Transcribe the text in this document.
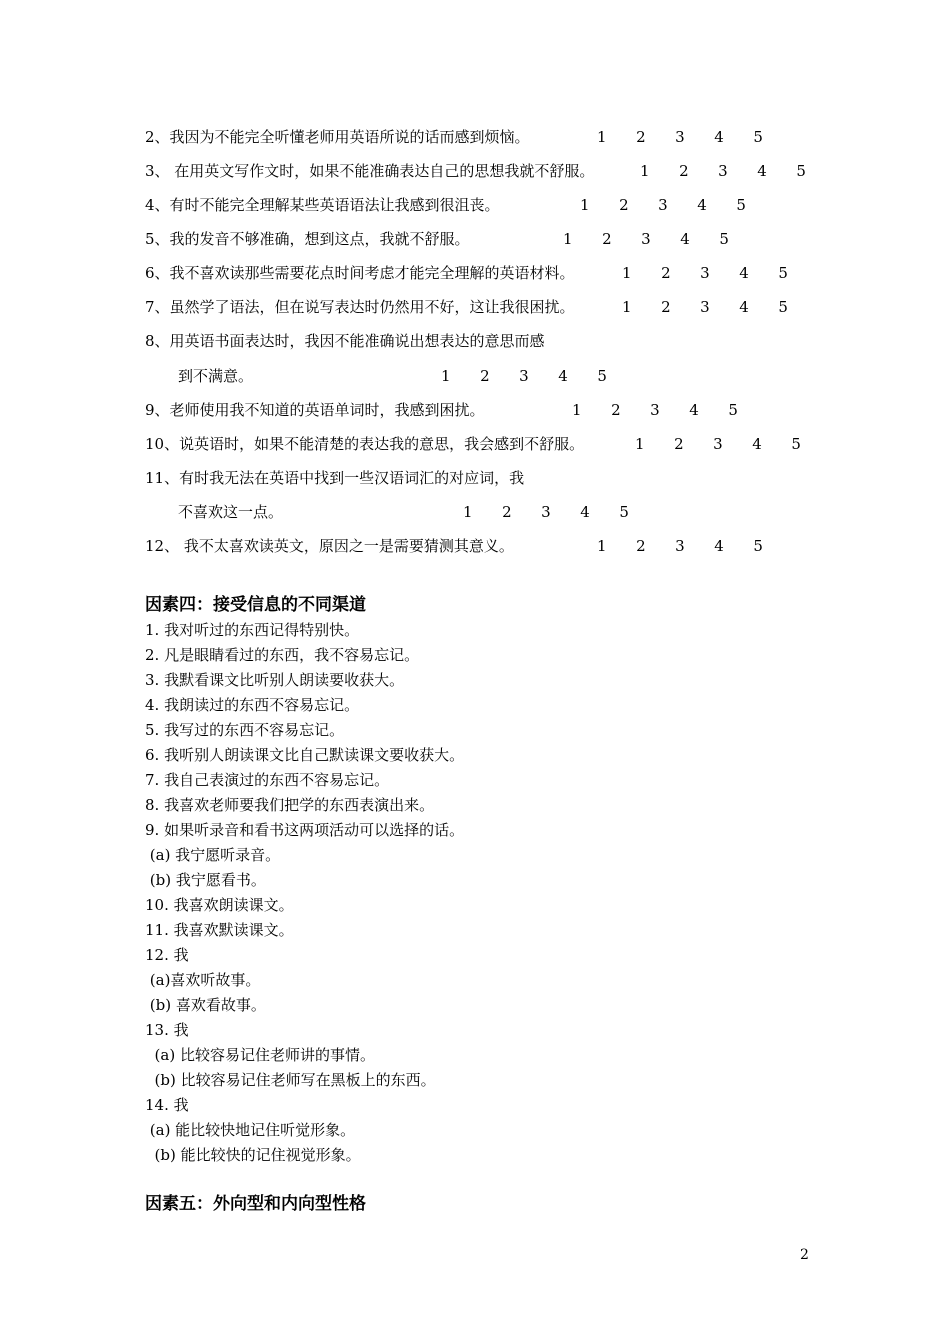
2、我因为不能完全听懂老师用英语所说的话而感到烦恼。	1  2  3  4  5
3、 在用英文写作文时，如果不能准确表达自己的思想我就不舒服。	1  2  3  4  5
4、有时不能完全理解某些英语语法让我感到很沮丧。	1  2  3  4  5
5、我的发音不够准确，想到这点，我就不舒服。	1  2  3  4  5
6、我不喜欢读那些需要花点时间考虑才能完全理解的英语材料。	1  2  3  4  5
7、虽然学了语法，但在说写表达时仍然用不好，这让我很困扰。	1  2  3  4  5
8、用英语书面表达时，我因不能准确说出想表达的意思而感
到不满意。	1  2  3  4  5
9、老师使用我不知道的英语单词时，我感到困扰。	1  2  3  4  5
10、说英语时，如果不能清楚的表达我的意思，我会感到不舒服。	1  2  3  4  5
11、有时我无法在英语中找到一些汉语词汇的对应词，我
不喜欢这一点。	1  2  3  4  5
12、 我不太喜欢读英文，原因之一是需要猜测其意义。	1  2  3  4  5
因素四：接受信息的不同渠道
1. 我对听过的东西记得特别快。
2. 凡是眼睛看过的东西，我不容易忘记。
3. 我默看课文比听别人朗读要收获大。
4. 我朗读过的东西不容易忘记。
5. 我写过的东西不容易忘记。
6. 我听别人朗读课文比自己默读课文要收获大。
7. 我自己表演过的东西不容易忘记。
8. 我喜欢老师要我们把学的东西表演出来。
9. 如果听录音和看书这两项活动可以选择的话。
(a) 我宁愿听录音。
(b) 我宁愿看书。
10. 我喜欢朗读课文。
11. 我喜欢默读课文。
12. 我
(a)喜欢听故事。
(b) 喜欢看故事。
13. 我
(a) 比较容易记住老师讲的事情。
(b) 比较容易记住老师写在黑板上的东西。
14. 我
(a) 能比较快地记住听觉形象。
(b) 能比较快的记住视觉形象。
因素五：外向型和内向型性格
2
